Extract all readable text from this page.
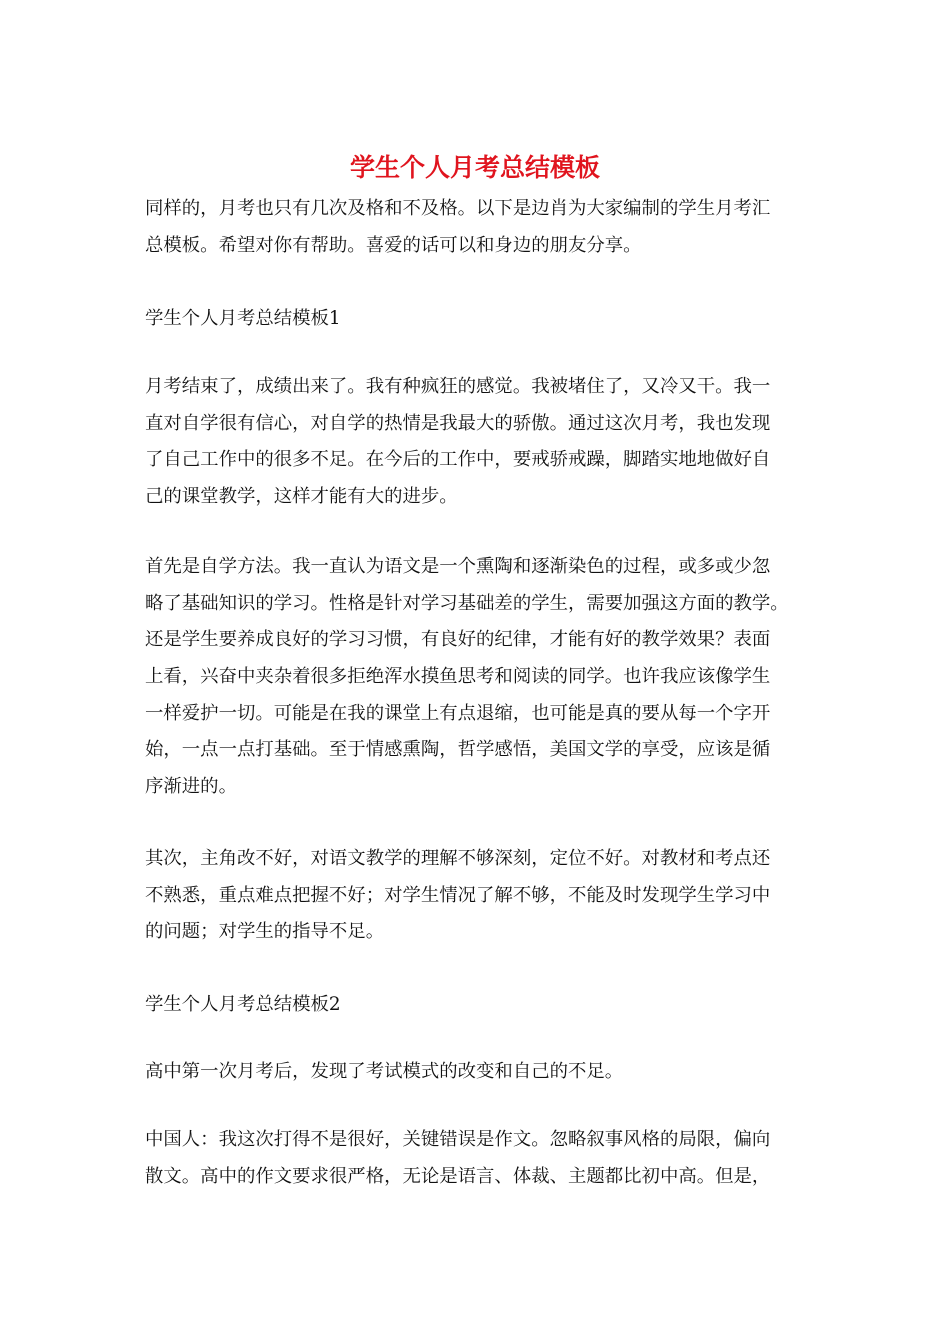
学生个人月考总结模板
同样的，月考也只有几次及格和不及格。以下是边肖为大家编制的学生月考汇
总模板。希望对你有帮助。喜爱的话可以和身边的朋友分享。
学生个人月考总结模板1
月考结束了，成绩出来了。我有种疯狂的感觉。我被堵住了，又冷又干。我一
直对自学很有信心，对自学的热情是我最大的骄傲。通过这次月考，我也发现
了自己工作中的很多不足。在今后的工作中，要戒骄戒躁，脚踏实地地做好自
己的课堂教学，这样才能有大的进步。
首先是自学方法。我一直认为语文是一个熏陶和逐渐染色的过程，或多或少忽
略了基础知识的学习。性格是针对学习基础差的学生，需要加强这方面的教学。
还是学生要养成良好的学习习惯，有良好的纪律，才能有好的教学效果？表面
上看，兴奋中夹杂着很多拒绝浑水摸鱼思考和阅读的同学。也许我应该像学生
一样爱护一切。可能是在我的课堂上有点退缩，也可能是真的要从每一个字开
始，一点一点打基础。至于情感熏陶，哲学感悟，美国文学的享受，应该是循
序渐进的。
其次，主角改不好，对语文教学的理解不够深刻，定位不好。对教材和考点还
不熟悉，重点难点把握不好；对学生情况了解不够，不能及时发现学生学习中
的问题；对学生的指导不足。
学生个人月考总结模板2
高中第一次月考后，发现了考试模式的改变和自己的不足。
中国人：我这次打得不是很好，关键错误是作文。忽略叙事风格的局限，偏向
散文。高中的作文要求很严格，无论是语言、体裁、主题都比初中高。但是，
